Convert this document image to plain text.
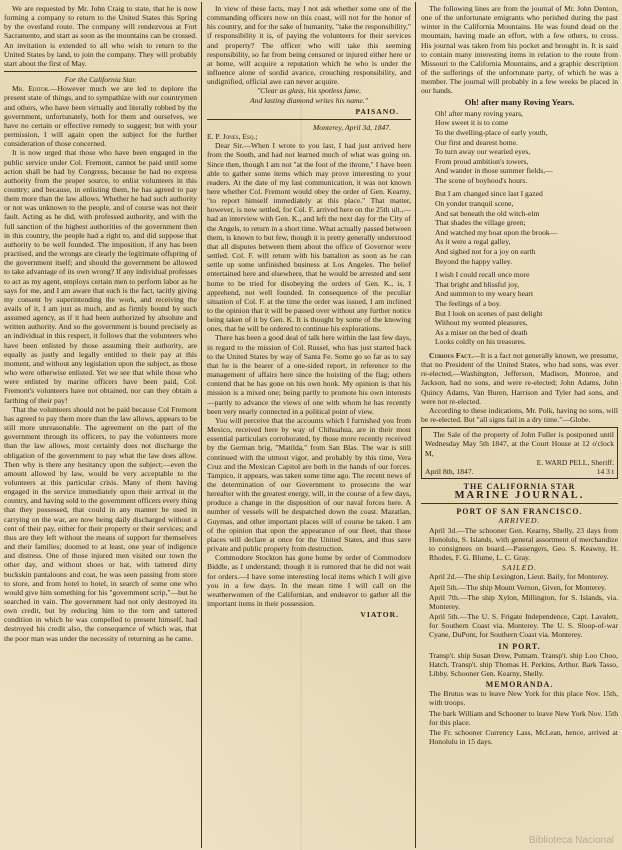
We are requested by Mr. John Craig to state, that he is now forming a company to return to the United States this Spring by the overland route. The company will rendezvous at Fort Sacramento, and start as soon as the mountains can be crossed. An invitation is extended to all who wish to return to the United States by land, to join the company. They will probably start about the first of May.

For the California Star.

Mr. Editor.—However much we are led to deplore the present state of things, and to sympathize with our countrymen and others, who have been virtually and literally robbed by the government, unfortunately, both for them and ourselves, we have no certain or effective remedy to suggest; but with your permission, I will again open the subject for the further consideration of those concerned.

It is now urged that those who have been engaged in the public service under Col. Fremont, cannot be paid until some action shall be had by Congress, because he had no express authority from the proper source, to enlist volunteers in this country; and because, in enlisting them, he has agreed to pay them more than the law allows. Whether he had such authority or not was unknown to the people, and of course was not their fault. Acting as he did, with professed authority, and with the full sanction of the highest authorities of the government then in this country, the people had a right to, and did suppose that authority to be well founded. The imposition, if any has been practised, and the wrongs are clearly the legitimate offspring of the government itself; and should the government be allowed to take advantage of its own wrong? If any individual professes to act as my agent, employs certain men to perform labor as he says for me, and I am aware that such is the fact, tacitly giving my consent by superintending the work, and receiving the avails of it, I am just as much, and as firmly bound by such assumed agency, as if it had been authorized by absolute and written authority. And so the government is bound precisely as an individual in this respect, it follows that the volunteers who have been enlisted by those assuming their authority, are equally as justly and legally entitled to their pay at this moment, and without any legislation upon the subject, as those who were otherwise enlisted. Yet we see that while those who were enlisted by marine officers have been paid, Col. Fremont's volunteers have not obtained, nor can they obtain a farthing of their pay!

That the volunteers should not be paid because Col Fremont has agreed to pay them more than the law allows, appears to be still more unreasonable. The agreement on the part of the government through its officers, to pay the volunteers more than the law allows, most certainly does not discharge the obligation of the government to pay what the law does allow. Then why is there any hesitancy upon the subject;—even the amount allowed by law, would be very acceptable to the volunteers at this particular crisis. Many of them having engaged in the service immediately upon their arrival in the country, and having sold to the government officers every thing that they possessed, that could in any manner be used in carrying on the war, are now being daily discharged without a cent of their pay, either for their property or their services; and thus are they left without the means of support for themselves and their families; doomed to at least, one year of indigence and distress. One of those injured men visited our town the other day, and without shoes or hat, with tattered dirty buckskin pantaloons and coat, he was seen passing from store to store, and from hotel to hotel, in search of some one who would give him something for his "government scrip,"—but he searched in vain. The government had not only destroyed its own credit, but by reducing him to the torn and tattered condition in which he was compelled to present himself, had destroyed his credit also, the consequence of which was, that the poor man was under the necessity of returning as he came.

In view of these facts, may I not ask whether some one of the commanding officers now on this coast, will not for the honor of his country, and for the sake of humanity, "take the responsibility," if responsibility it is, of paying the volunteers for their services and property? The officer who will take this seeming responsibility, so far from being censured or injured either here or at home, will acquire a reputation which he who is under the influence alone of sordid avarice, crouching responsibility, and undignified, official awe can never acquire.

"Clear as glass, his spotless fame,

And lasting diamond writes his name."

PAISANO.

Monterey, April 3d, 1847.

E. P. Jones, Esq.;

Dear Sir.—When I wrote to you last, I had just arrived here from the South, and had not learned much of what was going on. Since then, though I am not "at the foot of the throne," I have been able to gather some items which may prove interesting to your readers. At the date of my last communication, it was not known here whether Col. Fremont would obey the order of Gen. Kearny, "to report himself immediately at this place." That matter, however, is now settled, for Col. F. arrived here on the 25th ult.,—had an interview with Gen. K., and left the next day for the City of the Angels, to return in a short time. What actually passed between them, is known to but few, though it is pretty generally understood that all disputes between them about the office of Governor were settled. Col. F. will return with his battalion as soon as he can settle up some unfinished business at Los Angeles. The belief entertained here and elsewhere, that he would be arrested and sent home to be tried for disobeying the orders of Gen. K., is, I apprehend, not well founded. In consequence of the peculiar situation of Col. F. at the time the order was issued, I am inclined to the opinion that it will be passed over without any further notice being taken of it by Gen. K. It is thought by some of the knowing ones, that he will be ordered to continue his explorations.

There has been a good deal of talk here within the last few days, in regard to the mission of Col. Russel, who has just started back to the United States by way of Santa Fe. Some go so far as to say that he is the bearer of a one-sided report, in reference to the management of affairs here since the hoisting of the flag; others contend that he has gone on his own hook. My opinion is that his mission is a mixed one; being partly to promote his own interests—partly to advance the views of one with whom he has recently been very nearly connected in a political point of view.

You will perceive that the accounts which I furnished you from Mexico, received here by way of Chihuahua, are in their most essential particulars corroborated, by those more recently received by the German brig, "Matilda," from San Blas. The war is still continued with the utmost vigor, and probably by this time, Vera Cruz and the Mexican Capitol are both in the hands of our forces. Tampico, it appears, was taken some time ago. The recent news of the determination of our Government to prosecute the war hereafter with the greatest energy, will, in the course of a few days, produce a change in the disposition of our naval forces here. A number of vessels will be despatched down the coast. Mazatlan, Guymas, and other important places will of course be taken. I am of the opinion that upon the appearance of our fleet, that those places will declare at once for the United States, and thus save private and public property from destruction.

Commodore Stockton has gone home by order of Commodore Biddle, as I understand; though it is rumored that he did not wait for orders.—I have some interesting local items which I will give you in a few days. In the mean time I will call on the weatherwomen of the Californian, and endeavor to gather all the important items in their possession.

VIATOR.

The following lines are from the journal of Mr. John Denton, one of the unfortunate emigrants who perished during the past winter in the California Mountains. He was found dead on the mountain, having made an effort, with a few others, to cross. His journal was taken from his pocket and brought in. It is said to contain many interesting items in relation to the route from Missouri to the California Mountains, and a graphic description of the sufferings of the unfortunate party, of which he was a member. The journal will probably in a few weeks be placed in our hands.

Oh! after many Roving Years.

Oh! after many roving years,

How sweet it is to come

To the dwelling-place of early youth,

Our first and dearest home.

To turn away our wearied eyes,

From proud ambition's towers,

And wander in those summer fields,—

The scene of boyhood's hours.

But I am changed since last I gazed

On yonder tranquil scene,

And sat beneath the old witch-elm

That shades the village green;

And watched my boat upon the brook—

As it were a regal galley,

And sighed not for a joy on earth

Beyond the happy valley.

I wish I could recall once more

That bright and blissful joy,

And summon to my weary heart

The feelings of a boy.

But I look on scenes of past delight

Without my wonted pleasures,

As a miser on the bed of death

Looks coldly on his treasures.

Curious Fact.—It is a fact not generally known, we presume, that no President of the United States, who had sons, was ever re-elected,—Washington, Jefferson, Madison, Monroe, and Jackson, had no sons, and were re-elected; John Adams, John Quincy Adams, Van Buren, Harrison and Tyler had sons, and were not re-elected.

According to these indications, Mr. Polk, having no sons, will be re-elected. But "all signs fail in a dry time."—Globe.

The Sale of the property of John Fuller is postponed until Wednesday May 5th 1847, at the Court House at 12 o'clock M,

E. WARD PELL, Sheriff.

April 8th, 1847.	14 3 t

THE CALIFORNIA STAR
MARINE JOURNAL.
PORT OF SAN FRANCISCO.
ARRIVED.

April 3d.—The schooner Gen. Kearny, Shelly, 23 days from Honolulu, S. Islands, with general assortment of merchandize to consignees on board.—Passengers, Geo. S. Keawny, H. Rhodes, F. G. Blume, L. C. Gray.

SAILED.

April 2d.—The ship Lexington, Lieut. Baily, for Monterey.

April 5th.—The ship Mount Vernon, Given, for Monterey.

April 7th.—The ship Xylon, Millington, for S. Islands, via. Monterey.

April 5th.—The U. S. Frigate Independence, Capt. Lavalett, for Southern Coast via. Monterey. The U. S. Sloop-of-war Cyane, DuPont, for Southern Coast via. Monterey.

IN PORT.

Transp't. ship Susan Drew, Putnam. Transp't. ship Loo Choo, Hatch. Transp't. ship Thomas H. Perkins, Arthur. Bark Tasso, Libby. Schooner Gen. Kearny, Shelly.

MEMORANDA.

The Brutus was to leave New York for this place Nov. 15th, with troops.

The bark William and Schooner to leave New York Nov. 15th for this place.

The Fr. schooner Currency Lass, McLean, hence, arrived at Honolulu in 15 days.

Biblioteca Nacional
